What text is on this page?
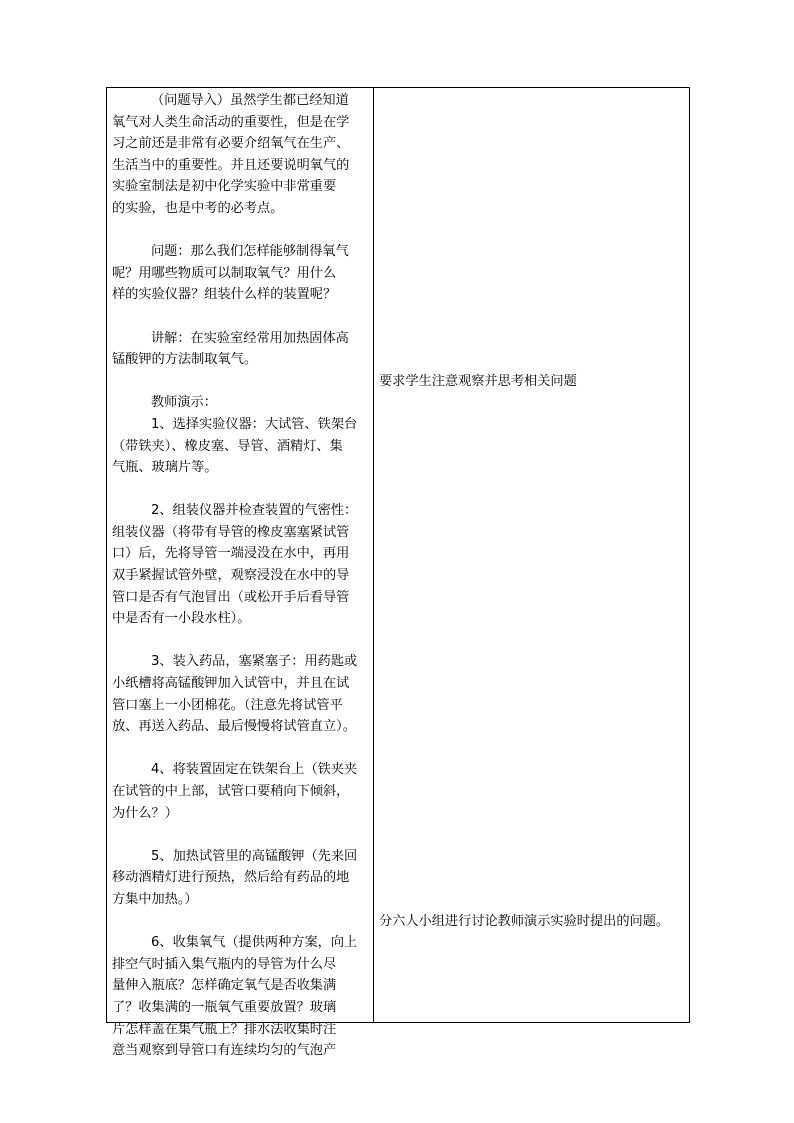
（问题导入）虽然学生都已经知道

氧气对人类生命活动的重要性，但是在学

习之前还是非常有必要介绍氧气在生产、

生活当中的重要性。并且还要说明氧气的

实验室制法是初中化学实验中非常重要

的实验，也是中考的必考点。

问题：那么我们怎样能够制得氧气

呢？用哪些物质可以制取氧气？用什么

样的实验仪器？组装什么样的装置呢？

讲解：在实验室经常用加热固体高

锰酸钾的方法制取氧气。

教师演示：

1、选择实验仪器：大试管、铁架台

（带铁夹）、橡皮塞、导管、酒精灯、集

气瓶、玻璃片等。

2、组装仪器并检查装置的气密性：

组装仪器（将带有导管的橡皮塞塞紧试管

口）后，先将导管一端浸没在水中，再用

双手紧握试管外壁，观察浸没在水中的导

管口是否有气泡冒出（或松开手后看导管

中是否有一小段水柱）。

3、装入药品，塞紧塞子：用药匙或

小纸槽将高锰酸钾加入试管中，并且在试

管口塞上一小团棉花。（注意先将试管平

放、再送入药品、最后慢慢将试管直立）。

4、将装置固定在铁架台上（铁夹夹

在试管的中上部，试管口要稍向下倾斜，

为什么？）

5、加热试管里的高锰酸钾（先来回

移动酒精灯进行预热，然后给有药品的地

方集中加热。）

6、收集氧气（提供两种方案，向上

排空气时插入集气瓶内的导管为什么尽

量伸入瓶底？怎样确定氧气是否收集满

了？收集满的一瓶氧气重要放置？玻璃

片怎样盖在集气瓶上？排水法收集时注

意当观察到导管口有连续均匀的气泡产

要求学生注意观察并思考相关问题
分六人小组进行讨论教师演示实验时提出的问题。
